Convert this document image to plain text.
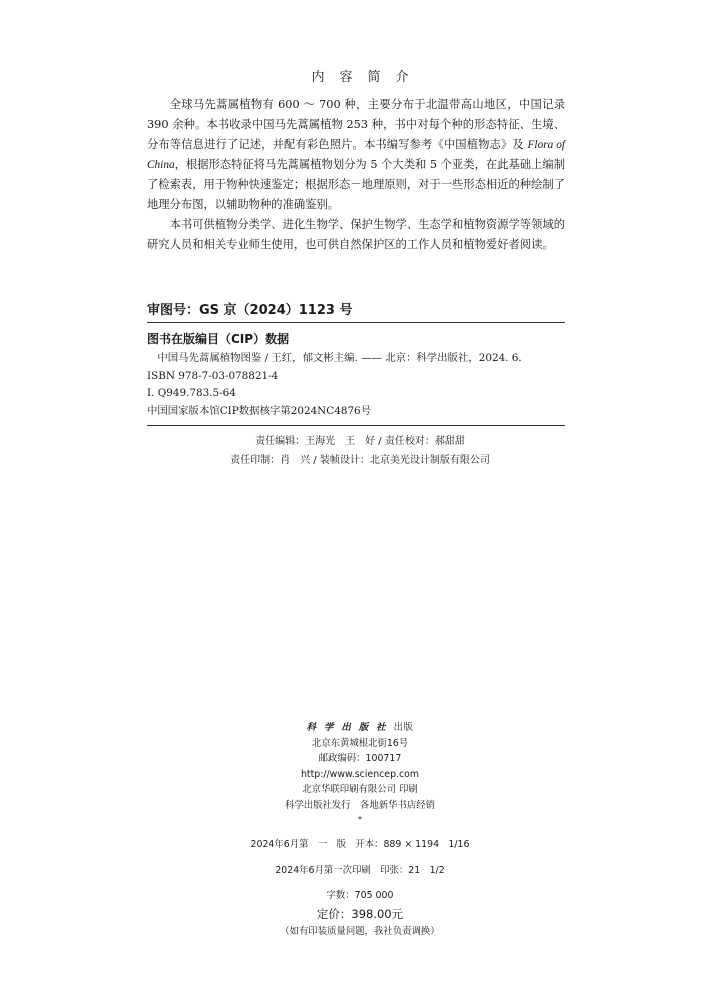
内容简介

全球马先蒿属植物有 600 ～ 700 种，主要分布于北温带高山地区，中国记录 390 余种。本书收录中国马先蒿属植物 253 种，书中对每个种的形态特征、生境、分布等信息进行了记述，并配有彩色照片。本书编写参考《中国植物志》及 Flora of China，根据形态特征将马先蒿属植物划分为 5 个大类和 5 个亚类，在此基础上编制了检索表，用于物种快速鉴定；根据形态－地理原则，对于一些形态相近的种绘制了地理分布图，以辅助物种的准确鉴别。

本书可供植物分类学、进化生物学、保护生物学、生态学和植物资源学等领域的研究人员和相关专业师生使用，也可供自然保护区的工作人员和植物爱好者阅读。

审图号：GS 京（2024）1123 号
图书在版编目（CIP）数据
中国马先蒿属植物图鉴 / 王红，郁文彬主编. —— 北京：科学出版社，2024. 6.
ISBN 978-7-03-078821-4
Ⅰ. Q949.783.5-64
中国国家版本馆CIP数据核字第2024NC4876号
责任编辑：王海光　王　好 / 责任校对：郝甜甜
责任印制：肖　兴 / 装帧设计：北京美光设计制版有限公司
科学出版社出版
北京东黄城根北街16号
邮政编码：100717
http://www.sciencep.com
北京华联印刷有限公司 印刷
科学出版社发行　各地新华书店经销
*
2024年6月第　一　版　开本：889 × 1194　1/16
2024年6月第一次印刷　印张：21　1/2
字数：705 000
定价：398.00元
（如有印装质量问题，我社负责调换）
